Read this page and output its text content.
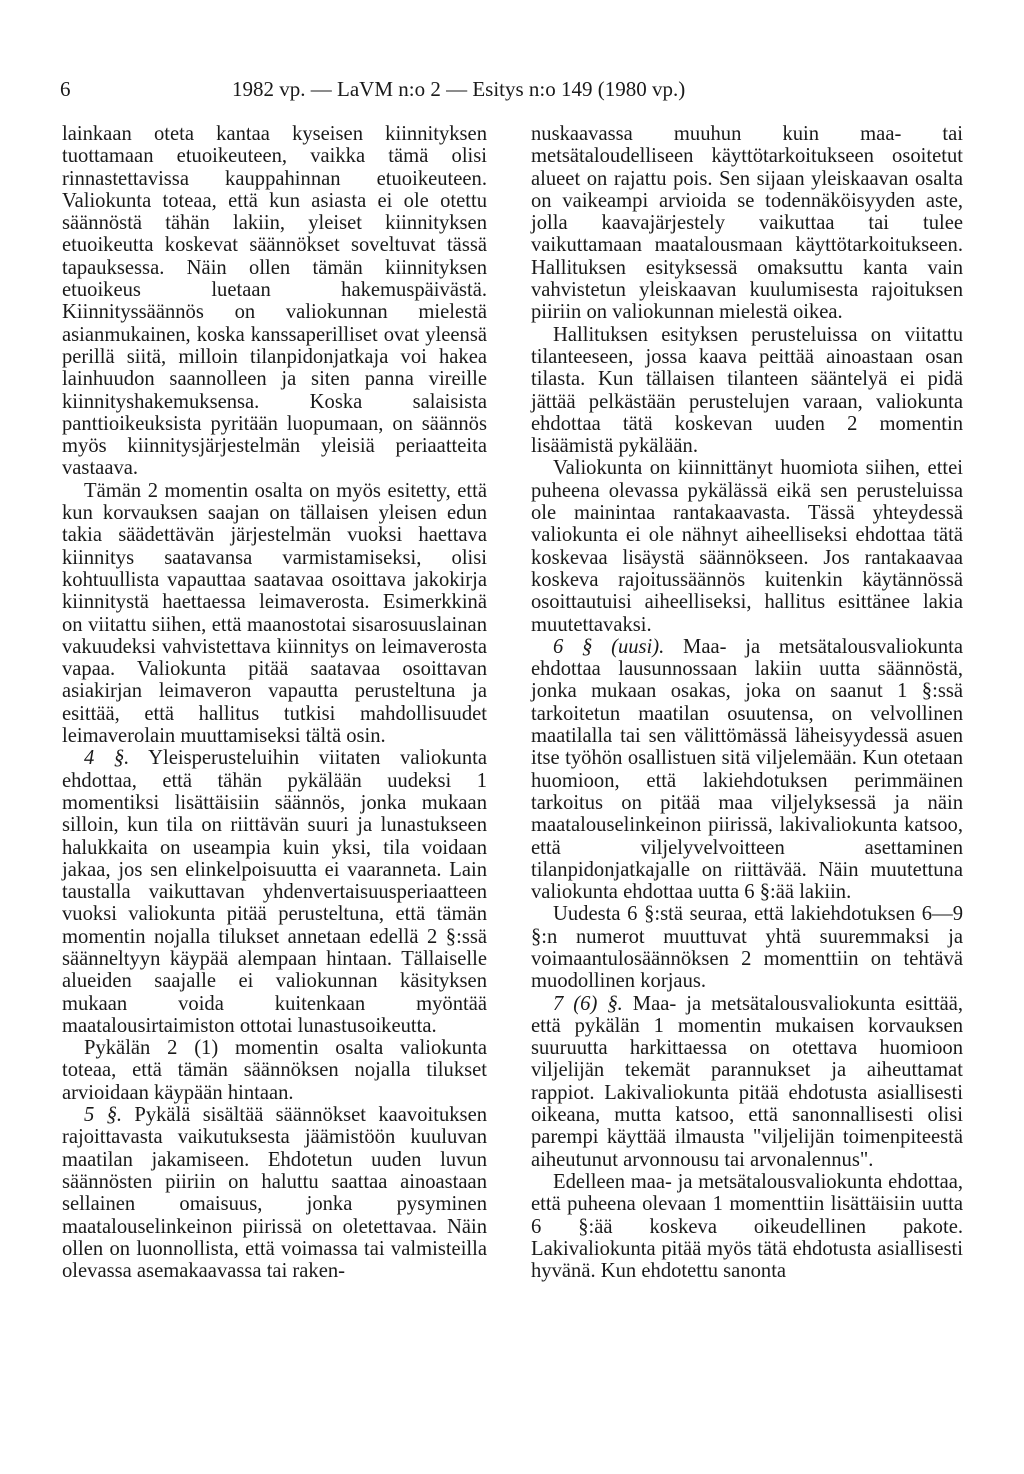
6	1982 vp. — LaVM n:o 2 — Esitys n:o 149 (1980 vp.)

lainkaan oteta kantaa kyseisen kiinnityksen tuottamaan etuoikeuteen, vaikka tämä olisi rinnastettavissa kauppahinnan etuoikeuteen. Valiokunta toteaa, että kun asiasta ei ole otettu säännöstä tähän lakiin, yleiset kiinnityksen etuoikeutta koskevat säännökset soveltuvat tässä tapauksessa. Näin ollen tämän kiinnityksen etuoikeus luetaan hakemuspäivästä. Kiinnityssäännös on valiokunnan mielestä asianmukainen, koska kanssaperilliset ovat yleensä perillä siitä, milloin tilanpidonjatkaja voi hakea lainhuudon saannolleen ja siten panna vireille kiinnityshakemuksensa. Koska salaisista panttioikeuksista pyritään luopumaan, on säännös myös kiinnitysjärjestelmän yleisiä periaatteita vastaava.

Tämän 2 momentin osalta on myös esitetty, että kun korvauksen saajan on tällaisen yleisen edun takia säädettävän järjestelmän vuoksi haettava kiinnitys saatavansa varmistamiseksi, olisi kohtuullista vapauttaa saatavaa osoittava jakokirja kiinnitystä haettaessa leimaverosta. Esimerkkinä on viitattu siihen, että maanostotai sisarosuuslainan vakuudeksi vahvistettava kiinnitys on leimaverosta vapaa. Valiokunta pitää saatavaa osoittavan asiakirjan leimaveron vapautta perusteltuna ja esittää, että hallitus tutkisi mahdollisuudet leimaverolain muuttamiseksi tältä osin.

4 §. Yleisperusteluihin viitaten valiokunta ehdottaa, että tähän pykälään uudeksi 1 momentiksi lisättäisiin säännös, jonka mukaan silloin, kun tila on riittävän suuri ja lunastukseen halukkaita on useampia kuin yksi, tila voidaan jakaa, jos sen elinkelpoisuutta ei vaaranneta. Lain taustalla vaikuttavan yhdenvertaisuusperiaatteen vuoksi valiokunta pitää perusteltuna, että tämän momentin nojalla tilukset annetaan edellä 2 §:ssä säänneltyyn käypää alempaan hintaan. Tällaiselle alueiden saajalle ei valiokunnan käsityksen mukaan voida kuitenkaan myöntää maatalousirtaimiston ottotai lunastusoikeutta.

Pykälän 2 (1) momentin osalta valiokunta toteaa, että tämän säännöksen nojalla tilukset arvioidaan käypään hintaan.

5 §. Pykälä sisältää säännökset kaavoituksen rajoittavasta vaikutuksesta jäämistöön kuuluvan maatilan jakamiseen. Ehdotetun uuden luvun säännösten piiriin on haluttu saattaa ainoastaan sellainen omaisuus, jonka pysyminen maatalouselinkeinon piirissä on oletettavaa. Näin ollen on luonnollista, että voimassa tai valmisteilla olevassa asemakaavassa tai raken-

nuskaavassa muuhun kuin maa- tai metsätaloudelliseen käyttötarkoitukseen osoitetut alueet on rajattu pois. Sen sijaan yleiskaavan osalta on vaikeampi arvioida se todennäköisyyden aste, jolla kaavajärjestely vaikuttaa tai tulee vaikuttamaan maatalousmaan käyttötarkoitukseen. Hallituksen esityksessä omaksuttu kanta vain vahvistetun yleiskaavan kuulumisesta rajoituksen piiriin on valiokunnan mielestä oikea.

Hallituksen esityksen perusteluissa on viitattu tilanteeseen, jossa kaava peittää ainoastaan osan tilasta. Kun tällaisen tilanteen sääntelyä ei pidä jättää pelkästään perustelujen varaan, valiokunta ehdottaa tätä koskevan uuden 2 momentin lisäämistä pykälään.

Valiokunta on kiinnittänyt huomiota siihen, ettei puheena olevassa pykälässä eikä sen perusteluissa ole mainintaa rantakaavasta. Tässä yhteydessä valiokunta ei ole nähnyt aiheelliseksi ehdottaa tätä koskevaa lisäystä säännökseen. Jos rantakaavaa koskeva rajoitussäännös kuitenkin käytännössä osoittautuisi aiheelliseksi, hallitus esittänee lakia muutettavaksi.

6 § (uusi). Maa- ja metsätalousvaliokunta ehdottaa lausunnossaan lakiin uutta säännöstä, jonka mukaan osakas, joka on saanut 1 §:ssä tarkoitetun maatilan osuutensa, on velvollinen maatilalla tai sen välittömässä läheisyydessä asuen itse työhön osallistuen sitä viljelemään. Kun otetaan huomioon, että lakiehdotuksen perimmäinen tarkoitus on pitää maa viljelyksessä ja näin maatalouselinkeinon piirissä, lakivaliokunta katsoo, että viljelyvelvoitteen asettaminen tilanpidonjatkajalle on riittävää. Näin muutettuna valiokunta ehdottaa uutta 6 §:ää lakiin.

Uudesta 6 §:stä seuraa, että lakiehdotuksen 6—9 §:n numerot muuttuvat yhtä suuremmaksi ja voimaantulosäännöksen 2 momenttiin on tehtävä muodollinen korjaus.

7 (6) §. Maa- ja metsätalousvaliokunta esittää, että pykälän 1 momentin mukaisen korvauksen suuruutta harkittaessa on otettava huomioon viljelijän tekemät parannukset ja aiheuttamat rappiot. Lakivaliokunta pitää ehdotusta asiallisesti oikeana, mutta katsoo, että sanonnallisesti olisi parempi käyttää ilmausta "viljelijän toimenpiteestä aiheutunut arvonnousu tai arvonalennus".

Edelleen maa- ja metsätalousvaliokunta ehdottaa, että puheena olevaan 1 momenttiin lisättäisiin uutta 6 §:ää koskeva oikeudellinen pakote. Lakivaliokunta pitää myös tätä ehdotusta asiallisesti hyvänä. Kun ehdotettu sanonta
